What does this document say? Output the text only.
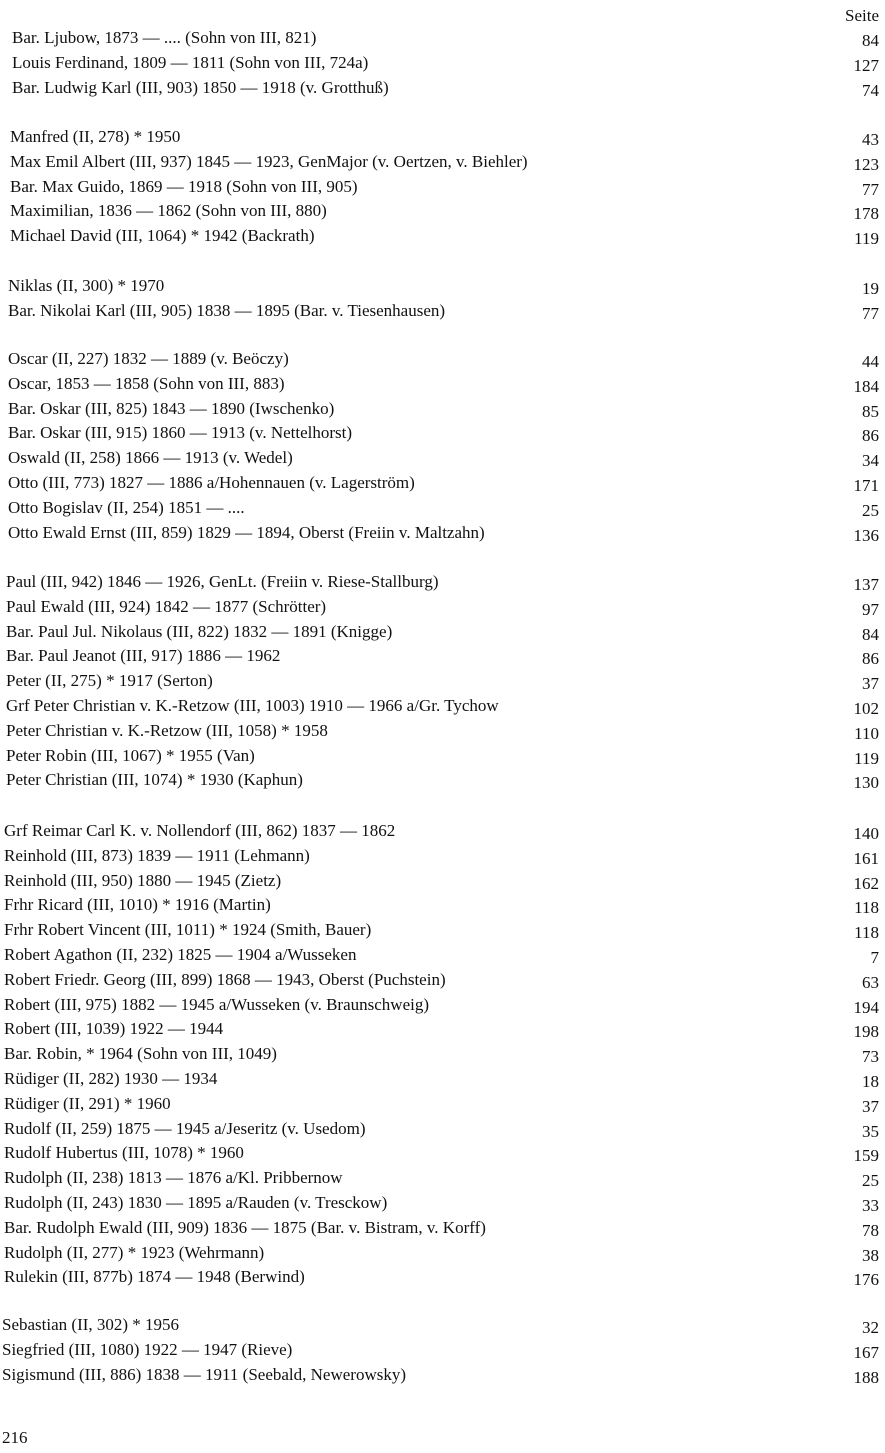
Seite
Bar. Ljubow, 1873 — .... (Sohn von III, 821)	84
Louis Ferdinand, 1809 — 1811 (Sohn von III, 724a)	127
Bar. Ludwig Karl (III, 903) 1850 — 1918 (v. Grotthuß)	74
Manfred (II, 278) * 1950	43
Max Emil Albert (III, 937) 1845 — 1923, GenMajor (v. Oertzen, v. Biehler)	123
Bar. Max Guido, 1869 — 1918 (Sohn von III, 905)	77
Maximilian, 1836 — 1862 (Sohn von III, 880)	178
Michael David (III, 1064) * 1942 (Backrath)	119
Niklas (II, 300) * 1970	19
Bar. Nikolai Karl (III, 905) 1838 — 1895 (Bar. v. Tiesenhausen)	77
Oscar (II, 227) 1832 — 1889 (v. Beöczy)	44
Oscar, 1853 — 1858 (Sohn von III, 883)	184
Bar. Oskar (III, 825) 1843 — 1890 (Iwschenko)	85
Bar. Oskar (III, 915) 1860 — 1913 (v. Nettelhorst)	86
Oswald (II, 258) 1866 — 1913 (v. Wedel)	34
Otto (III, 773) 1827 — 1886 a/Hohennauen (v. Lagerström)	171
Otto Bogislav (II, 254) 1851 — ....	25
Otto Ewald Ernst (III, 859) 1829 — 1894, Oberst (Freiin v. Maltzahn)	136
Paul (III, 942) 1846 — 1926, GenLt. (Freiin v. Riese-Stallburg)	137
Paul Ewald (III, 924) 1842 — 1877 (Schrötter)	97
Bar. Paul Jul. Nikolaus (III, 822) 1832 — 1891 (Knigge)	84
Bar. Paul Jeanot (III, 917) 1886 — 1962	86
Peter (II, 275) * 1917 (Serton)	37
Grf Peter Christian v. K.-Retzow (III, 1003) 1910 — 1966 a/Gr. Tychow	102
Peter Christian v. K.-Retzow (III, 1058) * 1958	110
Peter Robin (III, 1067) * 1955 (Van)	119
Peter Christian (III, 1074) * 1930 (Kaphun)	130
Grf Reimar Carl K. v. Nollendorf (III, 862) 1837 — 1862	140
Reinhold (III, 873) 1839 — 1911 (Lehmann)	161
Reinhold (III, 950) 1880 — 1945 (Zietz)	162
Frhr Ricard (III, 1010) * 1916 (Martin)	118
Frhr Robert Vincent (III, 1011) * 1924 (Smith, Bauer)	118
Robert Agathon (II, 232) 1825 — 1904 a/Wusseken	7
Robert Friedr. Georg (III, 899) 1868 — 1943, Oberst (Puchstein)	63
Robert (III, 975) 1882 — 1945 a/Wusseken (v. Braunschweig)	194
Robert (III, 1039) 1922 — 1944	198
Bar. Robin, * 1964 (Sohn von III, 1049)	73
Rüdiger (II, 282) 1930 — 1934	18
Rüdiger (II, 291) * 1960	37
Rudolf (II, 259) 1875 — 1945 a/Jeseritz (v. Usedom)	35
Rudolf Hubertus (III, 1078) * 1960	159
Rudolph (II, 238) 1813 — 1876 a/Kl. Pribbernow	25
Rudolph (II, 243) 1830 — 1895 a/Rauden (v. Tresckow)	33
Bar. Rudolph Ewald (III, 909) 1836 — 1875 (Bar. v. Bistram, v. Korff)	78
Rudolph (II, 277) * 1923 (Wehrmann)	38
Rulekin (III, 877b) 1874 — 1948 (Berwind)	176
Sebastian (II, 302) * 1956	32
Siegfried (III, 1080) 1922 — 1947 (Rieve)	167
Sigismund (III, 886) 1838 — 1911 (Seebald, Newerowsky)	188
216
